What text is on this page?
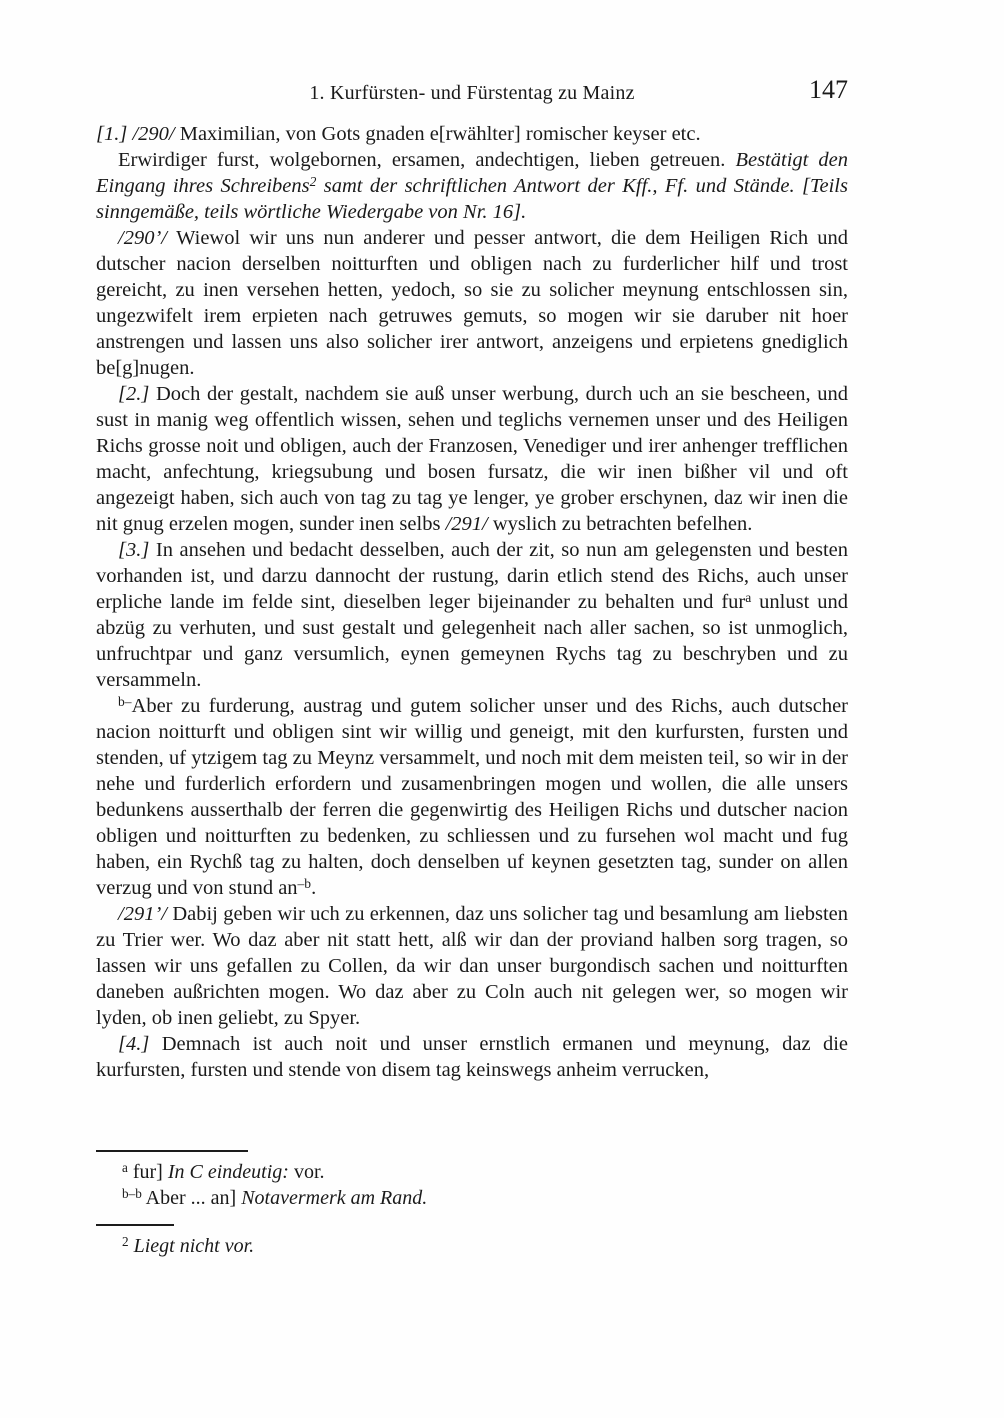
1. Kurfürsten- und Fürstentag zu Mainz	147

[1.] /290/ Maximilian, von Gots gnaden e[rwählter] romischer keyser etc.

Erwirdiger furst, wolgebornen, ersamen, andechtigen, lieben getreuen. Bestätigt den Eingang ihres Schreibens$^2$ samt der schriftlichen Antwort der Kff., Ff. und Stände. [Teils sinngemäße, teils wörtliche Wiedergabe von Nr. 16].

/290’/ Wiewol wir uns nun anderer und pesser antwort, die dem Heiligen Rich und dutscher nacion derselben noitturften und obligen nach zu furderlicher hilf und trost gereicht, zu inen versehen hetten, yedoch, so sie zu solicher meynung entschlossen sin, ungezwifelt irem erpieten nach getruwes gemuts, so mogen wir sie daruber nit hoer anstrengen und lassen uns also solicher irer antwort, anzeigens und erpietens gnediglich be[g]nugen.

[2.] Doch der gestalt, nachdem sie auß unser werbung, durch uch an sie bescheen, und sust in manig weg offentlich wissen, sehen und teglichs vernemen unser und des Heiligen Richs grosse noit und obligen, auch der Franzosen, Venediger und irer anhenger trefflichen macht, anfechtung, kriegsubung und bosen fursatz, die wir inen bißher vil und oft angezeigt haben, sich auch von tag zu tag ye lenger, ye grober erschynen, daz wir inen die nit gnug erzelen mogen, sunder inen selbs /291/ wyslich zu betrachten befelhen.

[3.] In ansehen und bedacht desselben, auch der zit, so nun am gelegensten und besten vorhanden ist, und darzu dannocht der rustung, darin etlich stend des Richs, auch unser erpliche lande im felde sint, dieselben leger bijeinander zu behalten und fur$^a$ unlust und abzüg zu verhuten, und sust gestalt und gelegenheit nach aller sachen, so ist unmoglich, unfruchtpar und ganz versumlich, eynen gemeynen Rychs tag zu beschryben und zu versammeln.

$^{b-}$Aber zu furderung, austrag und gutem solicher unser und des Richs, auch dutscher nacion noitturft und obligen sint wir willig und geneigt, mit den kurfursten, fursten und stenden, uf ytzigem tag zu Meynz versammelt, und noch mit dem meisten teil, so wir in der nehe und furderlich erfordern und zusamenbringen mogen und wollen, die alle unsers bedunkens ausserthalb der ferren die gegenwirtig des Heiligen Richs und dutscher nacion obligen und noitturften zu bedenken, zu schliessen und zu fursehen wol macht und fug haben, ein Rychß tag zu halten, doch denselben uf keynen gesetzten tag, sunder on allen verzug und von stund $an^{-b}$.

/291’/ Dabij geben wir uch zu erkennen, daz uns solicher tag und besamlung am liebsten zu Trier wer. Wo daz aber nit statt hett, alß wir dan der proviand halben sorg tragen, so lassen wir uns gefallen zu Collen, da wir dan unser burgondisch sachen und noitturften daneben außrichten mogen. Wo daz aber zu Coln auch nit gelegen wer, so mogen wir lyden, ob inen geliebt, zu Spyer.

[4.] Demnach ist auch noit und unser ernstlich ermanen und meynung, daz die kurfursten, fursten und stende von disem tag keinswegs anheim verrucken,

$^a$ fur] In C eindeutig: vor.

$^{b-b}$ Aber ... an] Notavermerk am Rand.

$^2$ Liegt nicht vor.
